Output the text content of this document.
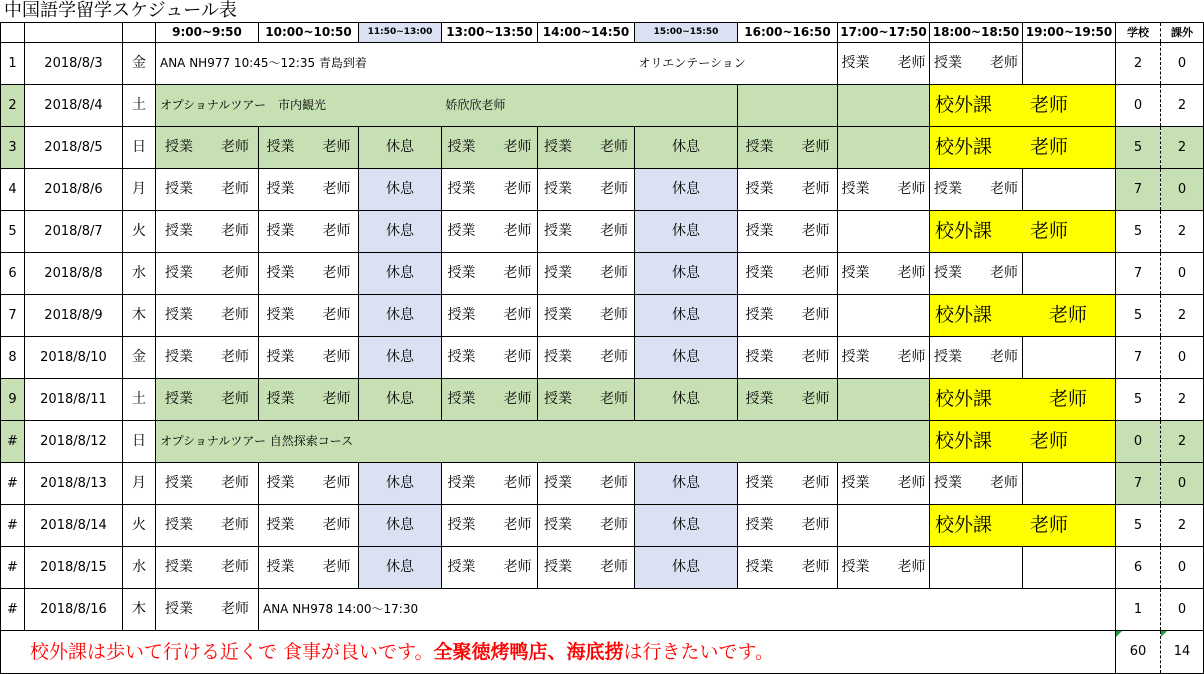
中国語学留学スケジュール表
			9:00~9:50	10:00~10:50	11:50~13:00	13:00~13:50	14:00~14:50	15:00~15:50	16:00~16:50	17:00~17:50	18:00~18:50	19:00~19:50	学校	課外
1	2018/8/3	金	ANA NH977 10:45～12:35 青島到着					オリエンテーション		授業　　老师	授業　　老师		2	0
2	2018/8/4	土	オプショナルツアー　市内観光			娇欣欣老师					校外課　　老师		0	2
3	2018/8/5	日	授業　　老师	授業　　老师	休息	授業　　老师	授業　　老师	休息	授業　　老师		校外課　　老师		5	2
4	2018/8/6	月	授業　　老师	授業　　老师	休息	授業　　老师	授業　　老师	休息	授業　　老师	授業　　老师	授業　　老师		7	0
5	2018/8/7	火	授業　　老师	授業　　老师	休息	授業　　老师	授業　　老师	休息	授業　　老师		校外課　　老师		5	2
6	2018/8/8	水	授業　　老师	授業　　老师	休息	授業　　老师	授業　　老师	休息	授業　　老师	授業　　老师	授業　　老师		7	0
7	2018/8/9	木	授業　　老师	授業　　老师	休息	授業　　老师	授業　　老师	休息	授業　　老师		校外課　　　老师		5	2
8	2018/8/10	金	授業　　老师	授業　　老师	休息	授業　　老师	授業　　老师	休息	授業　　老师	授業　　老师	授業　　老师		7	0
9	2018/8/11	土	授業　　老师	授業　　老师	休息	授業　　老师	授業　　老师	休息	授業　　老师		校外課　　　老师		5	2
#	2018/8/12	日	オプショナルツアー 自然探索コース								校外課　　老师		0	2
#	2018/8/13	月	授業　　老师	授業　　老师	休息	授業　　老师	授業　　老师	休息	授業　　老师	授業　　老师	授業　　老师		7	0
#	2018/8/14	火	授業　　老师	授業　　老师	休息	授業　　老师	授業　　老师	休息	授業　　老师		校外課　　老师		5	2
#	2018/8/15	水	授業　　老师	授業　　老师	休息	授業　　老师	授業　　老师	休息	授業　　老师	授業　　老师			6	0
#	2018/8/16	木	授業　　老师	ANA NH978 14:00～17:30									1	0
校外課は歩いて行ける近くで 食事が良いです。全聚徳烤鸭店、海底捞は行きたいです。													60	14
